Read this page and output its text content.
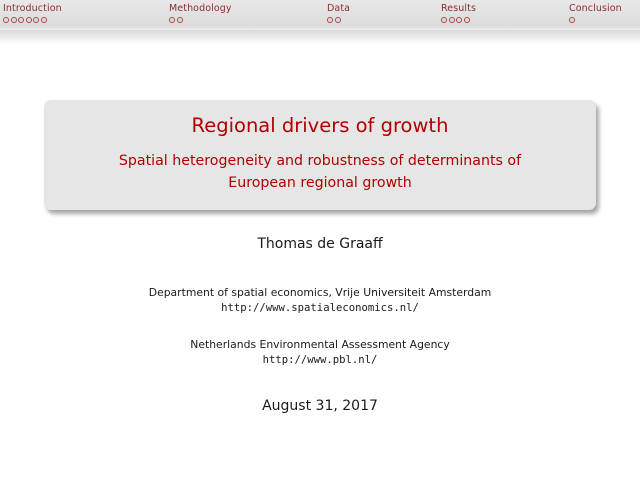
Introduction	Methodology	Data	Results	Conclusion
Regional drivers of growth
Spatial heterogeneity and robustness of determinants of
European regional growth
Thomas de Graaff
Department of spatial economics, Vrije Universiteit Amsterdam
http://www.spatialeconomics.nl/
Netherlands Environmental Assessment Agency
http://www.pbl.nl/
August 31, 2017
